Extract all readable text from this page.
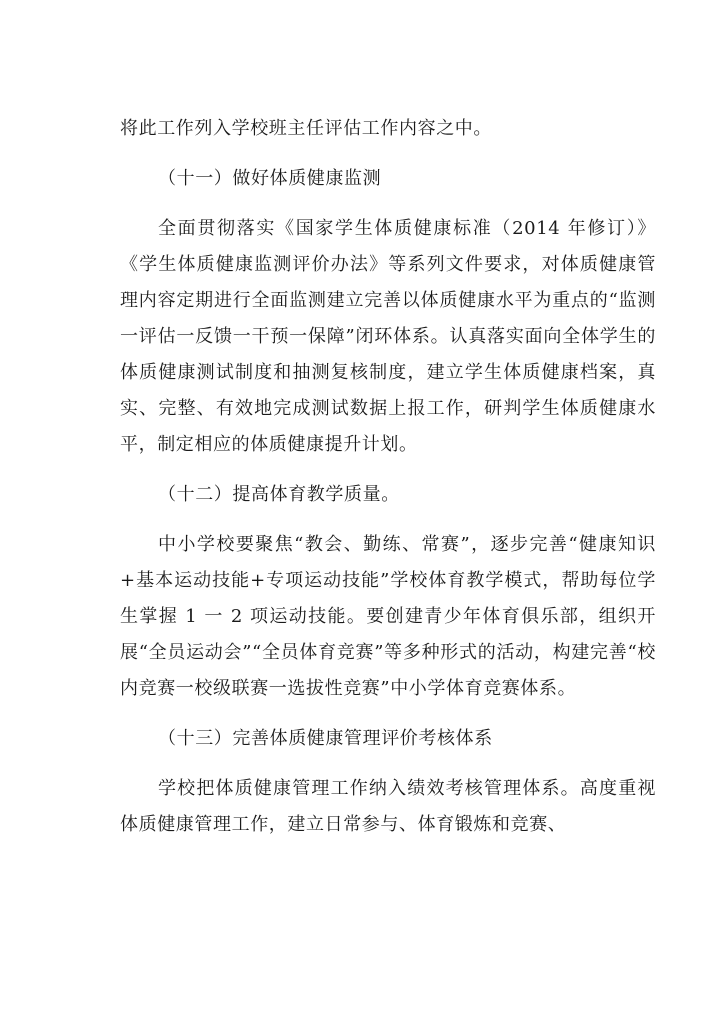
将此工作列入学校班主任评估工作内容之中。

（十一）做好体质健康监测

全面贯彻落实《国家学生体质健康标准（2014 年修订）》《学生体质健康监测评价办法》等系列文件要求，对体质健康管理内容定期进行全面监测建立完善以体质健康水平为重点的“监测一评估一反馈一干预一保障”闭环体系。认真落实面向全体学生的体质健康测试制度和抽测复核制度，建立学生体质健康档案，真实、完整、有效地完成测试数据上报工作，研判学生体质健康水平，制定相应的体质健康提升计划。

（十二）提高体育教学质量。

中小学校要聚焦“教会、勤练、常赛”，逐步完善“健康知识+基本运动技能+专项运动技能”学校体育教学模式，帮助每位学生掌握 1 一 2 项运动技能。要创建青少年体育俱乐部，组织开展“全员运动会”“全员体育竞赛”等多种形式的活动，构建完善“校内竞赛一校级联赛一选拔性竞赛”中小学体育竞赛体系。

（十三）完善体质健康管理评价考核体系

学校把体质健康管理工作纳入绩效考核管理体系。高度重视体质健康管理工作，建立日常参与、体育锻炼和竞赛、
